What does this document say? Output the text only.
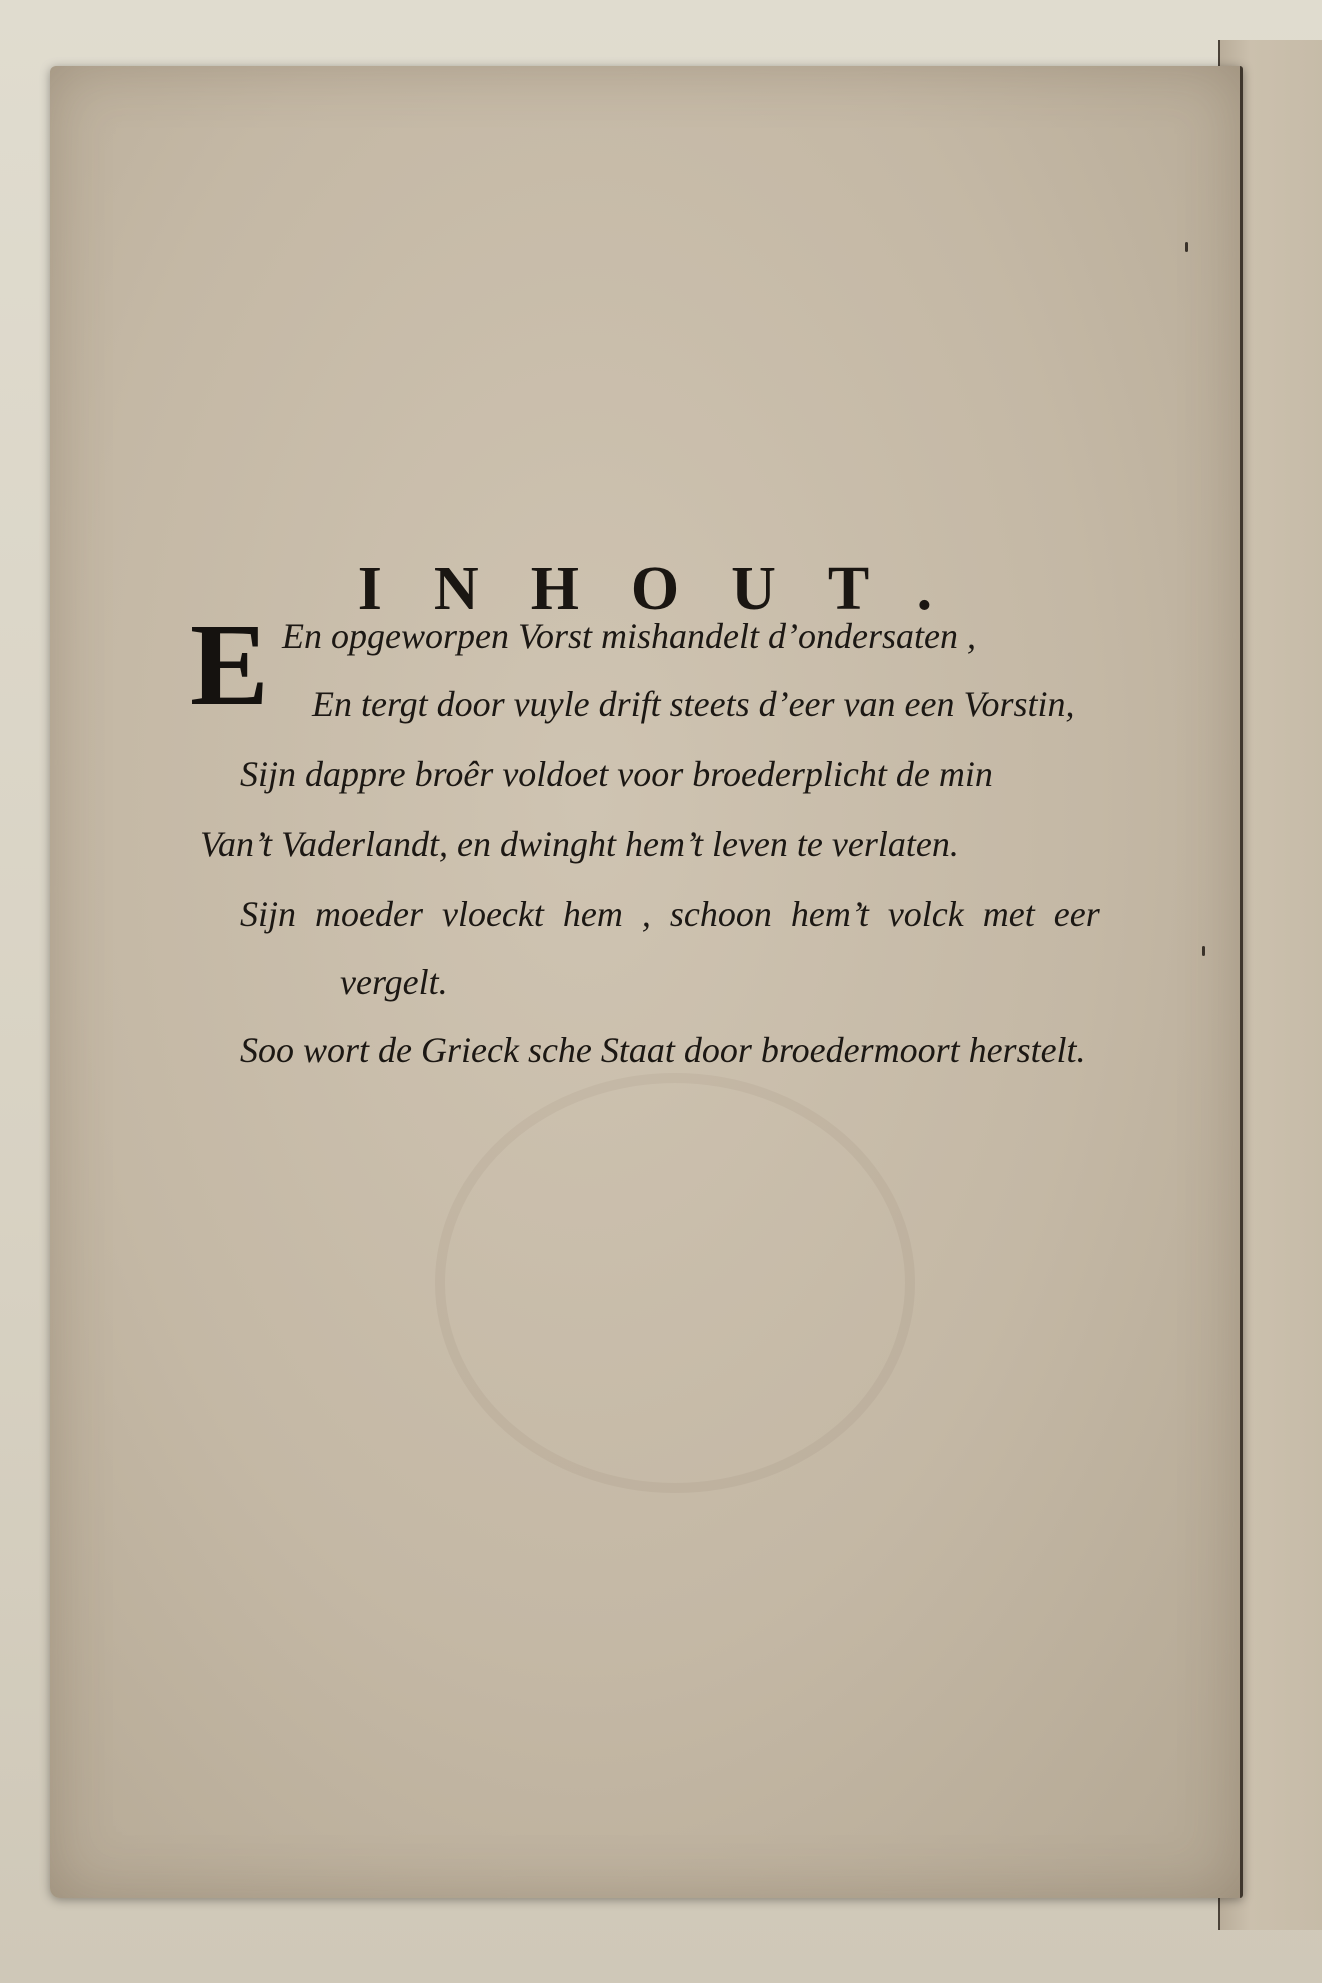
INHOUT.
E En opgeworpen Vorst mishandelt d’ondersaten ,
En tergt door vuyle drift steets d’eer van een Vorstin,
Sijn dappre broêr voldoet voor broederplicht de min
Van’t Vaderlandt, en dwinght hem’t leven te verlaten.
Sijn moeder vloeckt hem , schoon hem’t volck met eer
vergelt.
Soo wort de Grieck sche Staat door broedermoort herstelt.
